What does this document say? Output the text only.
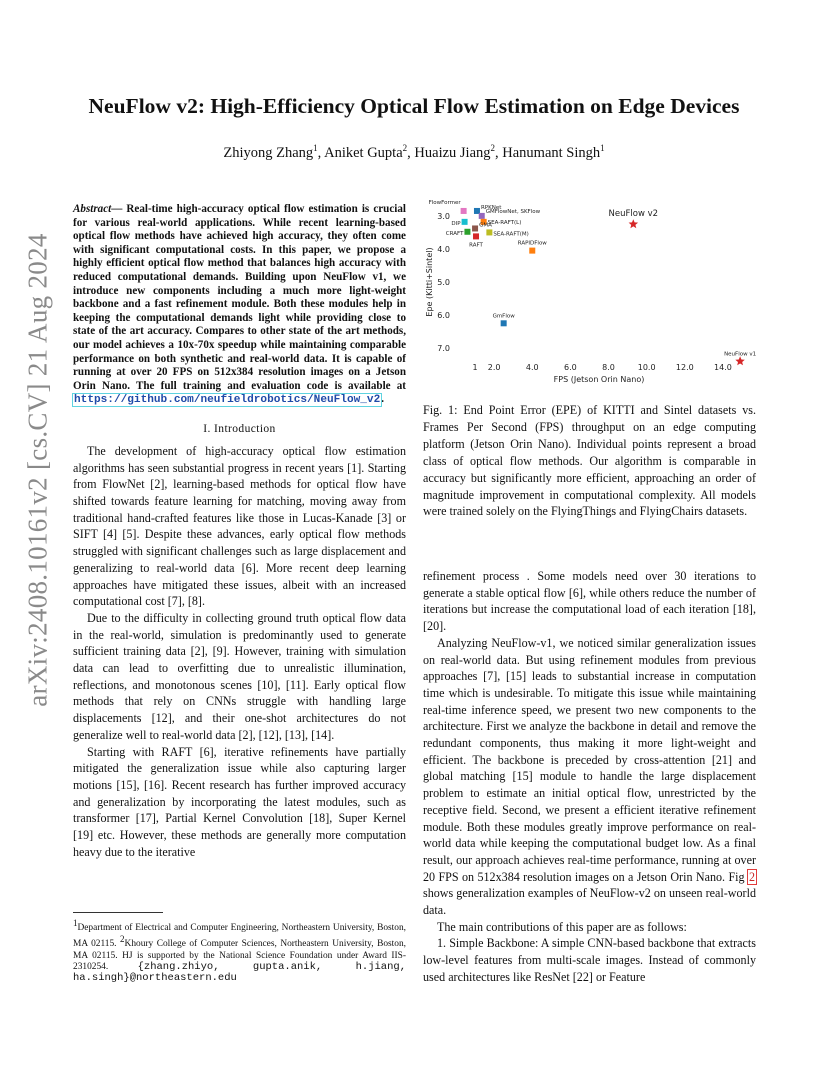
arXiv:2408.10161v2 [cs.CV] 21 Aug 2024
NeuFlow v2: High-Efficiency Optical Flow Estimation on Edge Devices
Zhiyong Zhang$^1$, Aniket Gupta$^2$, Huaizu Jiang$^2$, Hanumant Singh$^1$

Abstract— Real-time high-accuracy optical flow estimation is crucial for various real-world applications. While recent learning-based optical flow methods have achieved high accuracy, they often come with significant computational costs. In this paper, we propose a highly efficient optical flow method that balances high accuracy with reduced computational demands. Building upon NeuFlow v1, we introduce new components including a much more light-weight backbone and a fast refinement module. Both these modules help in keeping the computational demands light while providing close to state of the art accuracy. Compares to other state of the art methods, our model achieves a 10x-70x speedup while maintaining comparable performance on both synthetic and real-world data. It is capable of running at over 20 FPS on 512x384 resolution images on a Jetson Orin Nano. The full training and evaluation code is available at https://github.com/neufieldrobotics/NeuFlow_v2.

I. Introduction

The development of high-accuracy optical flow estimation algorithms has seen substantial progress in recent years [1]. Starting from FlowNet [2], learning-based methods for optical flow have shifted towards feature learning for matching, moving away from traditional hand-crafted features like those in Lucas-Kanade [3] or SIFT [4] [5]. Despite these advances, early optical flow methods struggled with significant challenges such as large displacement and generalizing to real-world data [6]. More recent deep learning approaches have mitigated these issues, albeit with an increased computational cost [7], [8].

Due to the difficulty in collecting ground truth optical flow data in the real-world, simulation is predominantly used to generate sufficient training data [2], [9]. However, training with simulation data can lead to overfitting due to unrealistic illumination, reflections, and monotonous scenes [10], [11]. Early optical flow methods that rely on CNNs struggle with handling large displacements [12], and their one-shot architectures do not generalize well to real-world data [2], [12], [13], [14].

Starting with RAFT [6], iterative refinements have partially mitigated the generalization issue while also capturing larger motions [15], [16]. Recent research has further improved accuracy and generalization by incorporating the latest modules, such as transformer [17], Partial Kernel Convolution [18], Super Kernel [19] etc. However, these methods are generally more computation heavy due to the iterative

$^1$Department of Electrical and Computer Engineering, Northeastern University, Boston, MA 02115. $^2$Khoury College of Computer Sciences, Northeastern University, Boston, MA 02115. HJ is supported by the National Science Foundation under Award IIS-2310254. {zhang.zhiyo, gupta.anik, h.jiang, ha.singh}@northeastern.edu
3.0
4.0
5.0
6.0
7.0
1 2.0	4.0	6.0	8.0	10.0	12.0	14.0
FPS (Jetson Orin Nano)
Epe (Kitti+Sintel)
FlowFormer
RPKNet
GMFlowNet, SKFlow
SEA-RAFT(L)
DIP
CRAFT
GMA
RAFT
SEA-RAFT(M)
RAPIDFlow
GmFlow
NeuFlow v2
NeuFlow v1

Fig. 1: End Point Error (EPE) of KITTI and Sintel datasets vs. Frames Per Second (FPS) throughput on an edge computing platform (Jetson Orin Nano). Individual points represent a broad class of optical flow methods. Our algorithm is comparable in accuracy but significantly more efficient, approaching an order of magnitude improvement in computational complexity. All models were trained solely on the FlyingThings and FlyingChairs datasets.

refinement process . Some models need over 30 iterations to generate a stable optical flow [6], while others reduce the number of iterations but increase the computational load of each iteration [18], [20].

Analyzing NeuFlow-v1, we noticed similar generalization issues on real-world data. But using refinement modules from previous approaches [7], [15] leads to substantial increase in computation time which is undesirable. To mitigate this issue while maintaining real-time inference speed, we present two new components to the architecture. First we analyze the backbone in detail and remove the redundant components, thus making it more light-weight and efficient. The backbone is preceded by cross-attention [21] and global matching [15] module to handle the large displacement problem to estimate an initial optical flow, unrestricted by the receptive field. Second, we present a efficient iterative refinement module. Both these modules greatly improve performance on real-world data while keeping the computational budget low. As a final result, our approach achieves real-time performance, running at over 20 FPS on 512x384 resolution images on a Jetson Orin Nano. Fig 2 shows generalization examples of NeuFlow-v2 on unseen real-world data.

The main contributions of this paper are as follows:

1. Simple Backbone: A simple CNN-based backbone that extracts low-level features from multi-scale images. Instead of commonly used architectures like ResNet [22] or Feature
